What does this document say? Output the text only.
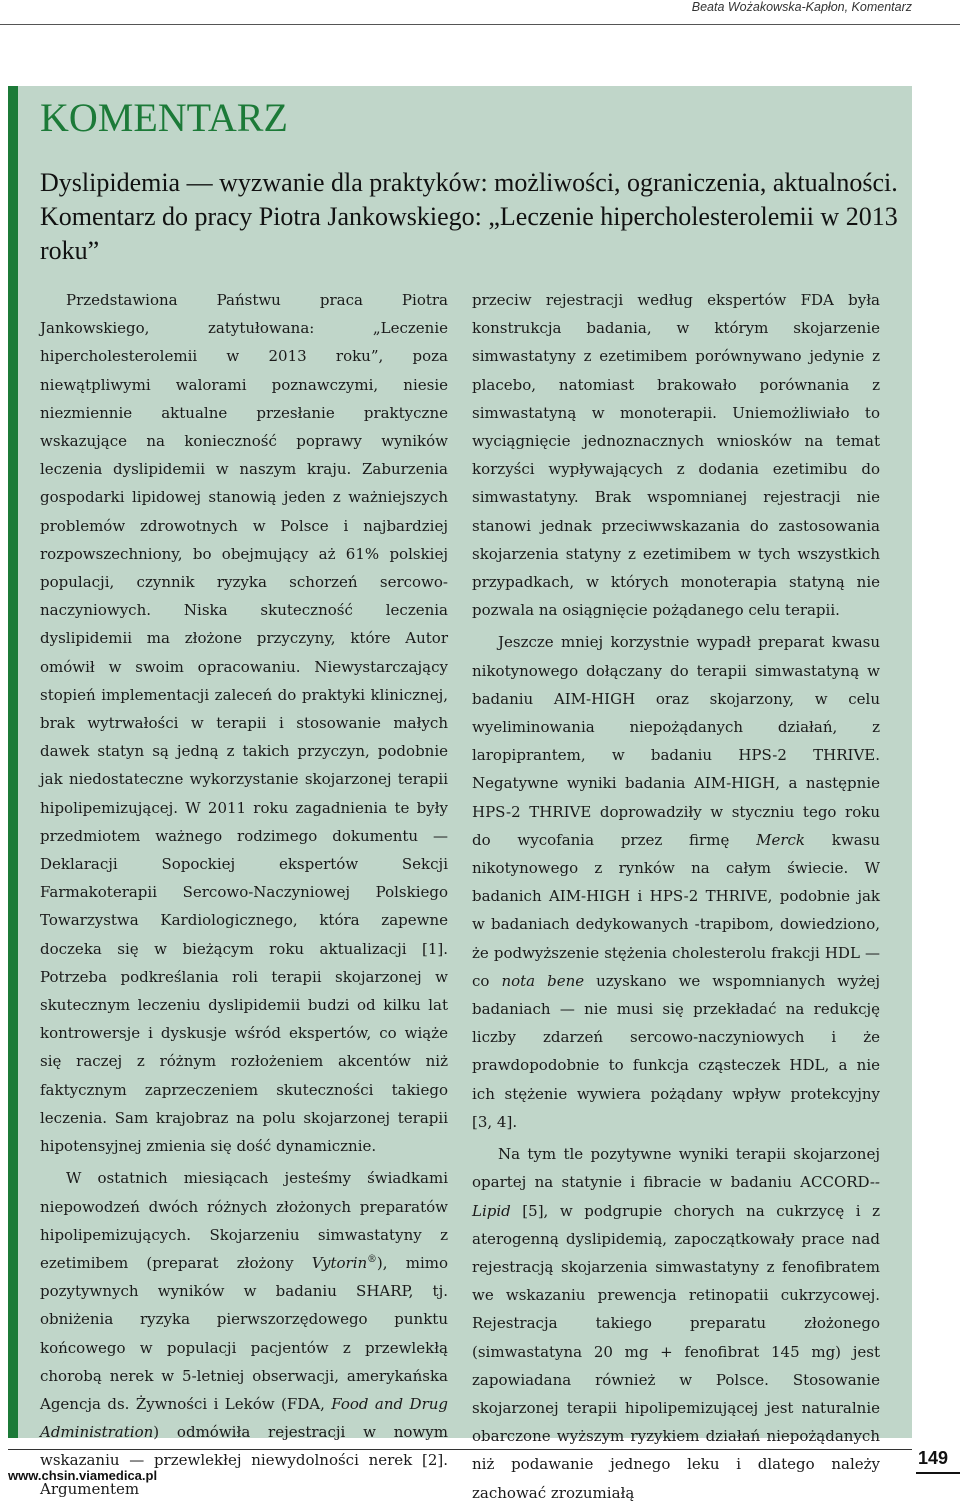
Beata Wożakowska-Kapłon, Komentarz
KOMENTARZ
Dyslipidemia — wyzwanie dla praktyków: możliwości, ograniczenia, aktualności. Komentarz do pracy Piotra Jankowskiego: „Leczenie hipercholesterolemii w 2013 roku”

Przedstawiona Państwu praca Piotra Jankowskiego, zatytułowana: „Leczenie hipercholesterolemii w 2013 roku”, poza niewątpliwymi walorami poznawczymi, niesie niezmiennie aktualne przesłanie praktyczne wskazujące na konieczność poprawy wyników leczenia dyslipidemii w naszym kraju. Zaburzenia gospodarki lipidowej stanowią jeden z ważniejszych problemów zdrowotnych w Polsce i najbardziej rozpowszechniony, bo obejmujący aż 61% polskiej populacji, czynnik ryzyka schorzeń sercowo-naczyniowych. Niska skuteczność leczenia dyslipidemii ma złożone przyczyny, które Autor omówił w swoim opracowaniu. Niewystarczający stopień implementacji zaleceń do praktyki klinicznej, brak wytrwałości w terapii i stosowanie małych dawek statyn są jedną z takich przyczyn, podobnie jak niedostateczne wykorzystanie skojarzonej terapii hipolipemizującej. W 2011 roku zagadnienia te były przedmiotem ważnego rodzimego dokumentu — Deklaracji Sopockiej ekspertów Sekcji Farmakoterapii Sercowo-Naczyniowej Polskiego Towarzystwa Kardiologicznego, która zapewne doczeka się w bieżącym roku aktualizacji [1]. Potrzeba podkreślania roli terapii skojarzonej w skutecznym leczeniu dyslipidemii budzi od kilku lat kontrowersje i dyskusje wśród ekspertów, co wiąże się raczej z różnym rozłożeniem akcentów niż faktycznym zaprzeczeniem skuteczności takiego leczenia. Sam krajobraz na polu skojarzonej terapii hipotensyjnej zmienia się dość dynamicznie.

W ostatnich miesiącach jesteśmy świadkami niepowodzeń dwóch różnych złożonych preparatów hipolipemizujących. Skojarzeniu simwastatyny z ezetimibem (preparat złożony Vytorin®), mimo pozytywnych wyników w badaniu SHARP, tj. obniżenia ryzyka pierwszorzędowego punktu końcowego w populacji pacjentów z przewlekłą chorobą nerek w 5-letniej obserwacji, amerykańska Agencja ds. Żywności i Leków (FDA, Food and Drug Administration) odmówiła rejestracji w nowym wskazaniu — przewlekłej niewydolności nerek [2]. Argumentem

przeciw rejestracji według ekspertów FDA była konstrukcja badania, w którym skojarzenie simwastatyny z ezetimibem porównywano jedynie z placebo, natomiast brakowało porównania z simwastatyną w monoterapii. Uniemożliwiało to wyciągnięcie jednoznacznych wniosków na temat korzyści wypływających z dodania ezetimibu do simwastatyny. Brak wspomnianej rejestracji nie stanowi jednak przeciwwskazania do zastosowania skojarzenia statyny z ezetimibem w tych wszystkich przypadkach, w których monoterapia statyną nie pozwala na osiągnięcie pożądanego celu terapii.

Jeszcze mniej korzystnie wypadł preparat kwasu nikotynowego dołączany do terapii simwastatyną w badaniu AIM-HIGH oraz skojarzony, w celu wyeliminowania niepożądanych działań, z laropiprantem, w badaniu HPS-2 THRIVE. Negatywne wyniki badania AIM-HIGH, a następnie HPS-2 THRIVE doprowadziły w styczniu tego roku do wycofania przez firmę Merck kwasu nikotynowego z rynków na całym świecie. W badanich AIM-HIGH i HPS-2 THRIVE, podobnie jak w badaniach dedykowanych -trapibom, dowiedziono, że podwyższenie stężenia cholesterolu frakcji HDL — co nota bene uzyskano we wspomnianych wyżej badaniach — nie musi się przekładać na redukcję liczby zdarzeń sercowo-naczyniowych i że prawdopodobnie to funkcja cząsteczek HDL, a nie ich stężenie wywiera pożądany wpływ protekcyjny [3, 4].

Na tym tle pozytywne wyniki terapii skojarzonej opartej na statynie i fibracie w badaniu ACCORD--Lipid [5], w podgrupie chorych na cukrzycę i z aterogenną dyslipidemią, zapoczątkowały prace nad rejestracją skojarzenia simwastatyny z fenofibratem we wskazaniu prewencja retinopatii cukrzycowej. Rejestracja takiego preparatu złożonego (simwastatyna 20 mg + fenofibrat 145 mg) jest zapowiadana również w Polsce. Stosowanie skojarzonej terapii hipolipemizującej jest naturalnie obarczone wyższym ryzykiem działań niepożądanych niż podawanie jednego leku i dlatego należy zachować zrozumiałą

www.chsin.viamedica.pl
149
